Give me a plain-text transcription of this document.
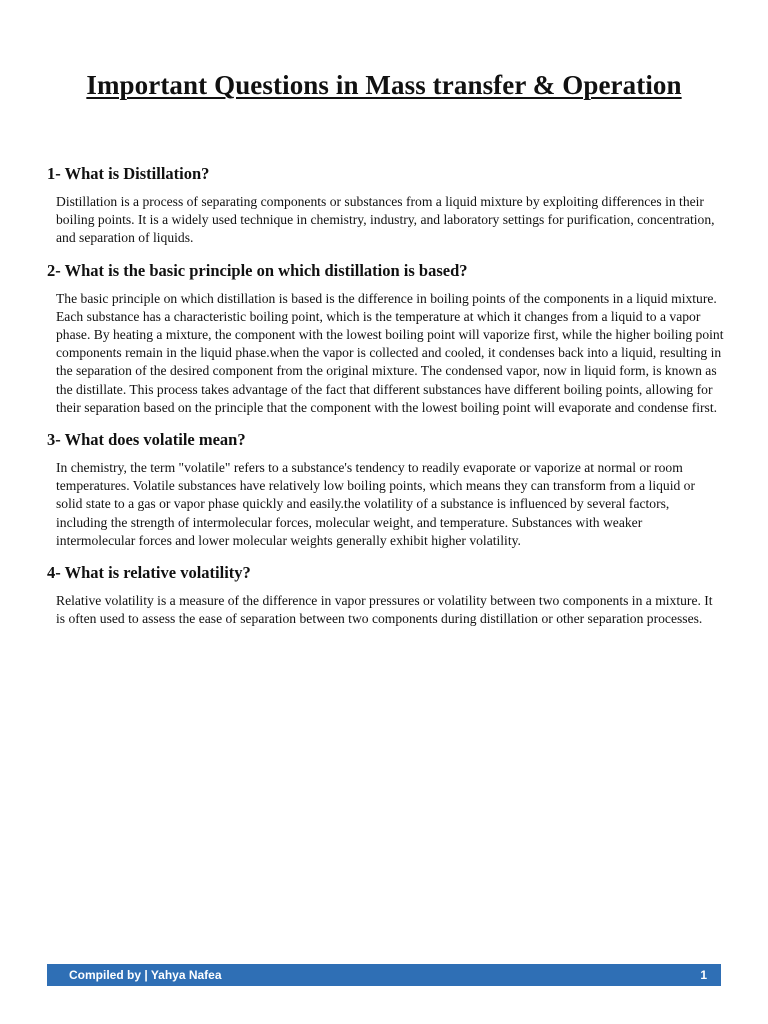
Important Questions in Mass transfer & Operation

1- What is Distillation?

Distillation is a process of separating components or substances from a liquid mixture by exploiting differences in their boiling points. It is a widely used technique in chemistry, industry, and laboratory settings for purification, concentration, and separation of liquids.

2- What is the basic principle on which distillation is based?

The basic principle on which distillation is based is the difference in boiling points of the components in a liquid mixture. Each substance has a characteristic boiling point, which is the temperature at which it changes from a liquid to a vapor phase. By heating a mixture, the component with the lowest boiling point will vaporize first, while the higher boiling point components remain in the liquid phase.when the vapor is collected and cooled, it condenses back into a liquid, resulting in the separation of the desired component from the original mixture. The condensed vapor, now in liquid form, is known as the distillate. This process takes advantage of the fact that different substances have different boiling points, allowing for their separation based on the principle that the component with the lowest boiling point will evaporate and condense first.

3- What does volatile mean?

In chemistry, the term "volatile" refers to a substance's tendency to readily evaporate or vaporize at normal or room temperatures. Volatile substances have relatively low boiling points, which means they can transform from a liquid or solid state to a gas or vapor phase quickly and easily.the volatility of a substance is influenced by several factors, including the strength of intermolecular forces, molecular weight, and temperature. Substances with weaker intermolecular forces and lower molecular weights generally exhibit higher volatility.

4- What is relative volatility?

Relative volatility is a measure of the difference in vapor pressures or volatility between two components in a mixture. It is often used to assess the ease of separation between two components during distillation or other separation processes.

Compiled by | Yahya Nafea	1
